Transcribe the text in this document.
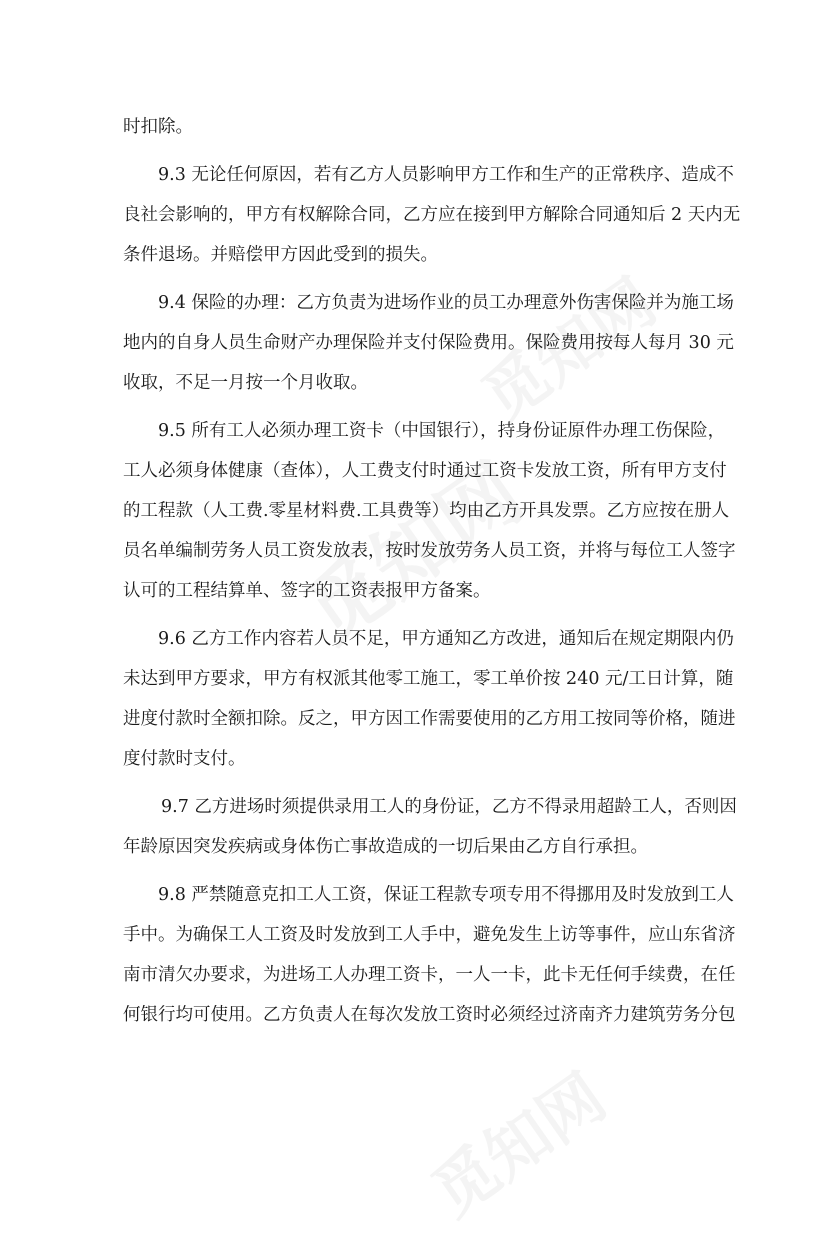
时扣除。
9.3 无论任何原因，若有乙方人员影响甲方工作和生产的正常秩序、造成不
良社会影响的，甲方有权解除合同，乙方应在接到甲方解除合同通知后 2 天内无
条件退场。并赔偿甲方因此受到的损失。
9.4 保险的办理：乙方负责为进场作业的员工办理意外伤害保险并为施工场
地内的自身人员生命财产办理保险并支付保险费用。保险费用按每人每月 30 元
收取，不足一月按一个月收取。
9.5 所有工人必须办理工资卡（中国银行），持身份证原件办理工伤保险，
工人必须身体健康（查体），人工费支付时通过工资卡发放工资，所有甲方支付
的工程款（人工费.零星材料费.工具费等）均由乙方开具发票。乙方应按在册人
员名单编制劳务人员工资发放表，按时发放劳务人员工资，并将与每位工人签字
认可的工程结算单、签字的工资表报甲方备案。
9.6 乙方工作内容若人员不足，甲方通知乙方改进，通知后在规定期限内仍
未达到甲方要求，甲方有权派其他零工施工，零工单价按 240 元/工日计算，随
进度付款时全额扣除。反之，甲方因工作需要使用的乙方用工按同等价格，随进
度付款时支付。
9.7 乙方进场时须提供录用工人的身份证，乙方不得录用超龄工人，否则因
年龄原因突发疾病或身体伤亡事故造成的一切后果由乙方自行承担。
9.8 严禁随意克扣工人工资，保证工程款专项专用不得挪用及时发放到工人
手中。为确保工人工资及时发放到工人手中，避免发生上访等事件，应山东省济
南市清欠办要求，为进场工人办理工资卡，一人一卡，此卡无任何手续费，在任
何银行均可使用。乙方负责人在每次发放工资时必须经过济南齐力建筑劳务分包
